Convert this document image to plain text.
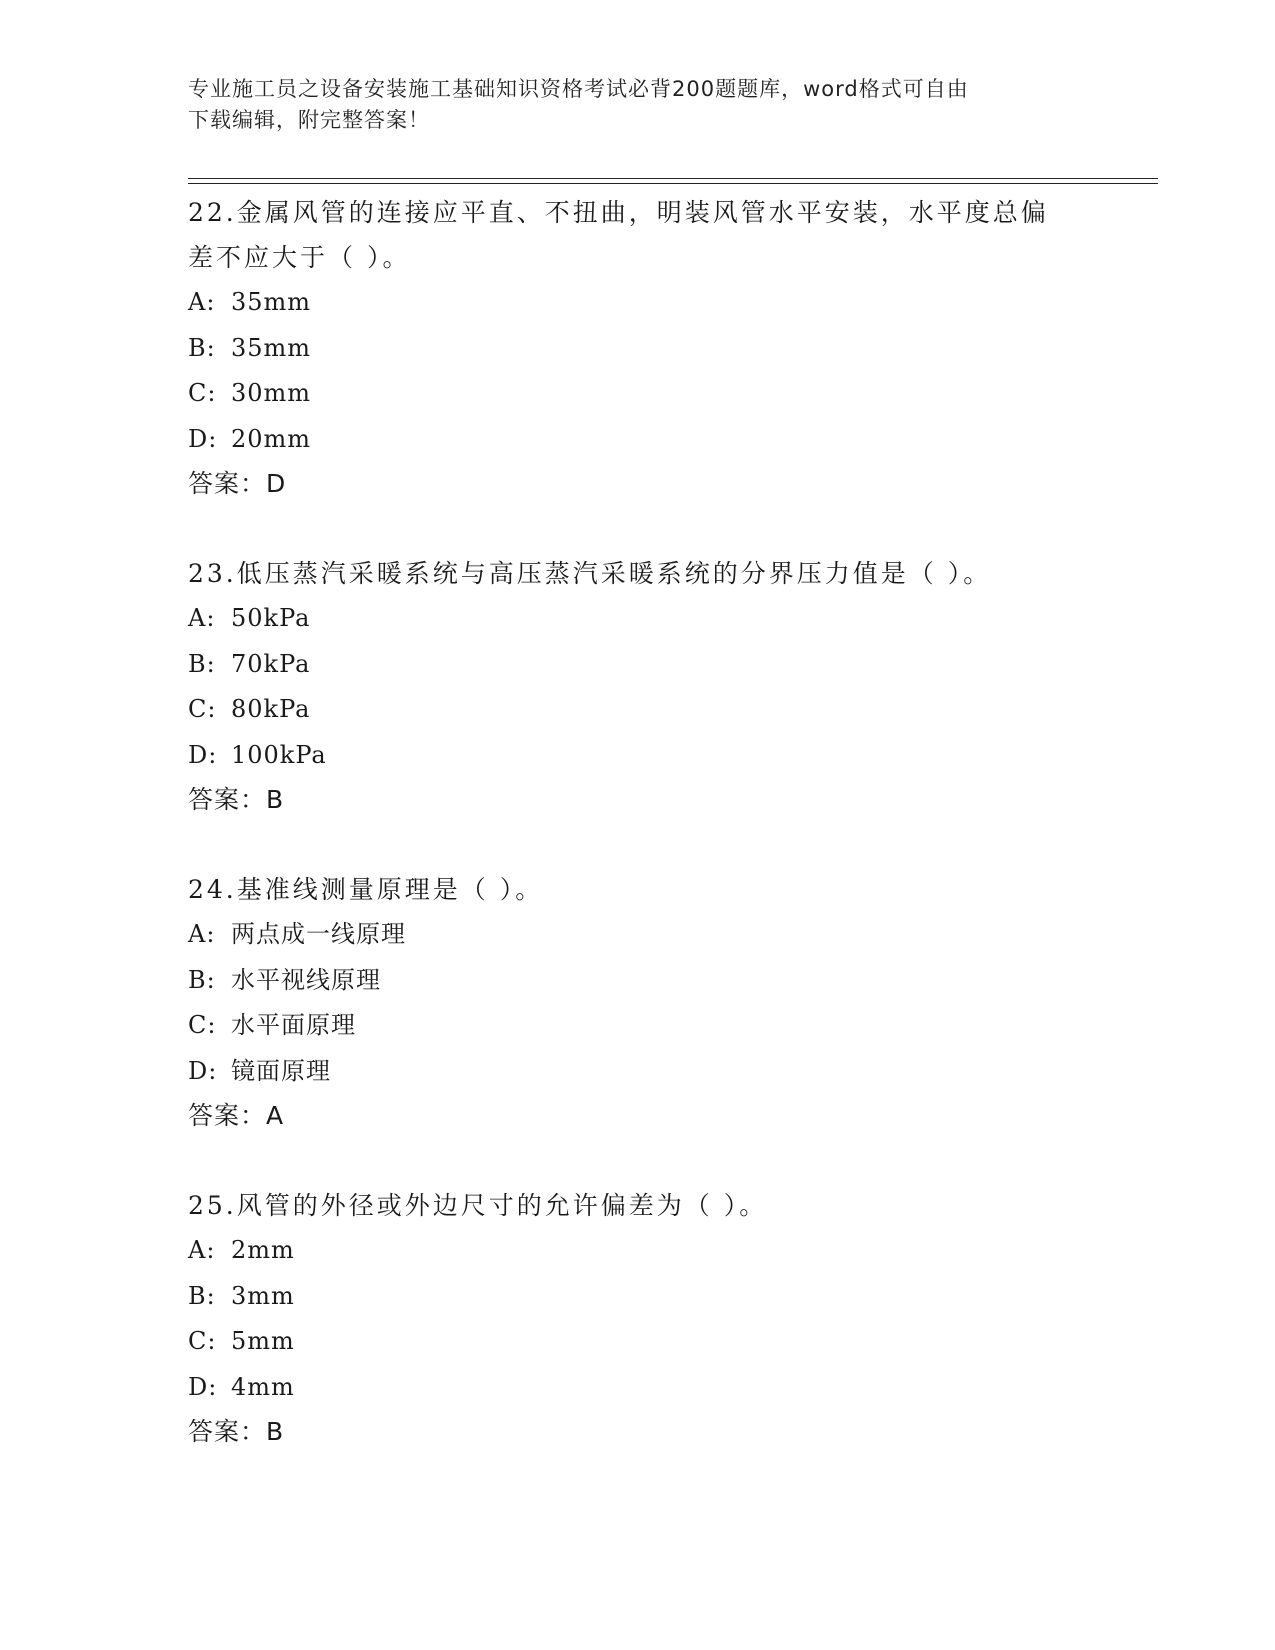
专业施工员之设备安装施工基础知识资格考试必背200题题库，word格式可自由
下载编辑，附完整答案！

22.金属风管的连接应平直、不扭曲，明装风管水平安装，水平度总偏

差不应大于（ ）。

A: 35mm

B: 35mm

C: 30mm

D: 20mm

答案：D

23.低压蒸汽采暖系统与高压蒸汽采暖系统的分界压力值是（ ）。

A: 50kPa

B: 70kPa

C: 80kPa

D: 100kPa

答案：B

24.基准线测量原理是（ ）。

A: 两点成一线原理

B: 水平视线原理

C: 水平面原理

D: 镜面原理

答案：A

25.风管的外径或外边尺寸的允许偏差为（ ）。

A: 2mm

B: 3mm

C: 5mm

D: 4mm

答案：B
